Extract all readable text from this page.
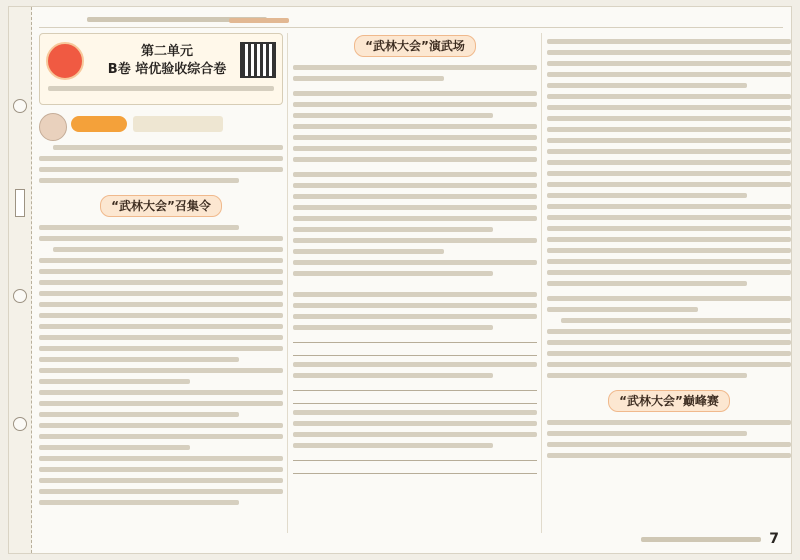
第二单元
B卷 培优验收综合卷
“武林大会”召集令
“武林大会”演武场
“武林大会”巅峰赛
7
